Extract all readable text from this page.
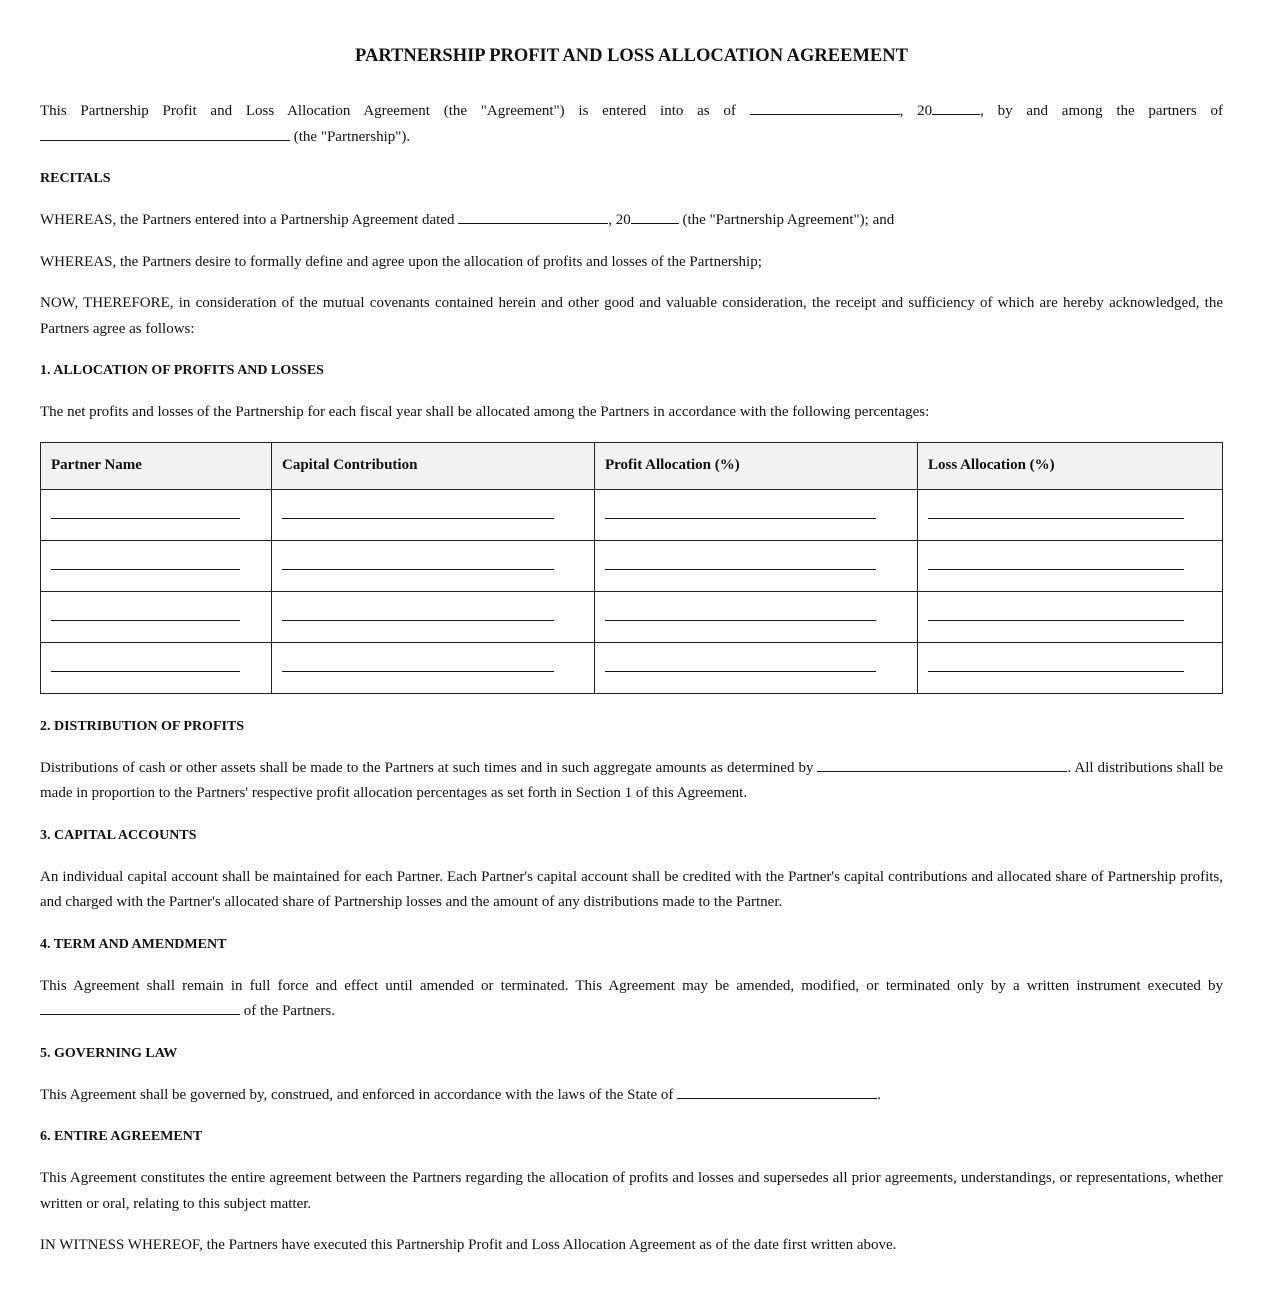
PARTNERSHIP PROFIT AND LOSS ALLOCATION AGREEMENT

This Partnership Profit and Loss Allocation Agreement (the "Agreement") is entered into as of	, 20	, by and among the partners of  (the "Partnership").

RECITALS

WHEREAS, the Partners entered into a Partnership Agreement dated	, 20	(the "Partnership Agreement"); and

WHEREAS, the Partners desire to formally define and agree upon the allocation of profits and losses of the Partnership;

NOW, THEREFORE, in consideration of the mutual covenants contained herein and other good and valuable consideration, the receipt and sufficiency of which are hereby acknowledged, the Partners agree as follows:

1. ALLOCATION OF PROFITS AND LOSSES

The net profits and losses of the Partnership for each fiscal year shall be allocated among the Partners in accordance with the following percentages:

Partner Name	Capital Contribution	Profit Allocation (%)	Loss Allocation (%)

2. DISTRIBUTION OF PROFITS

Distributions of cash or other assets shall be made to the Partners at such times and in such aggregate amounts as determined by	. All distributions shall be made in proportion to the Partners' respective profit allocation percentages as set forth in Section 1 of this Agreement.

3. CAPITAL ACCOUNTS

An individual capital account shall be maintained for each Partner. Each Partner's capital account shall be credited with the Partner's capital contributions and allocated share of Partnership profits, and charged with the Partner's allocated share of Partnership losses and the amount of any distributions made to the Partner.

4. TERM AND AMENDMENT

This Agreement shall remain in full force and effect until amended or terminated. This Agreement may be amended, modified, or terminated only by a written instrument executed by  of the Partners.

5. GOVERNING LAW

This Agreement shall be governed by, construed, and enforced in accordance with the laws of the State of	.

6. ENTIRE AGREEMENT

This Agreement constitutes the entire agreement between the Partners regarding the allocation of profits and losses and supersedes all prior agreements, understandings, or representations, whether written or oral, relating to this subject matter.

IN WITNESS WHEREOF, the Partners have executed this Partnership Profit and Loss Allocation Agreement as of the date first written above.
